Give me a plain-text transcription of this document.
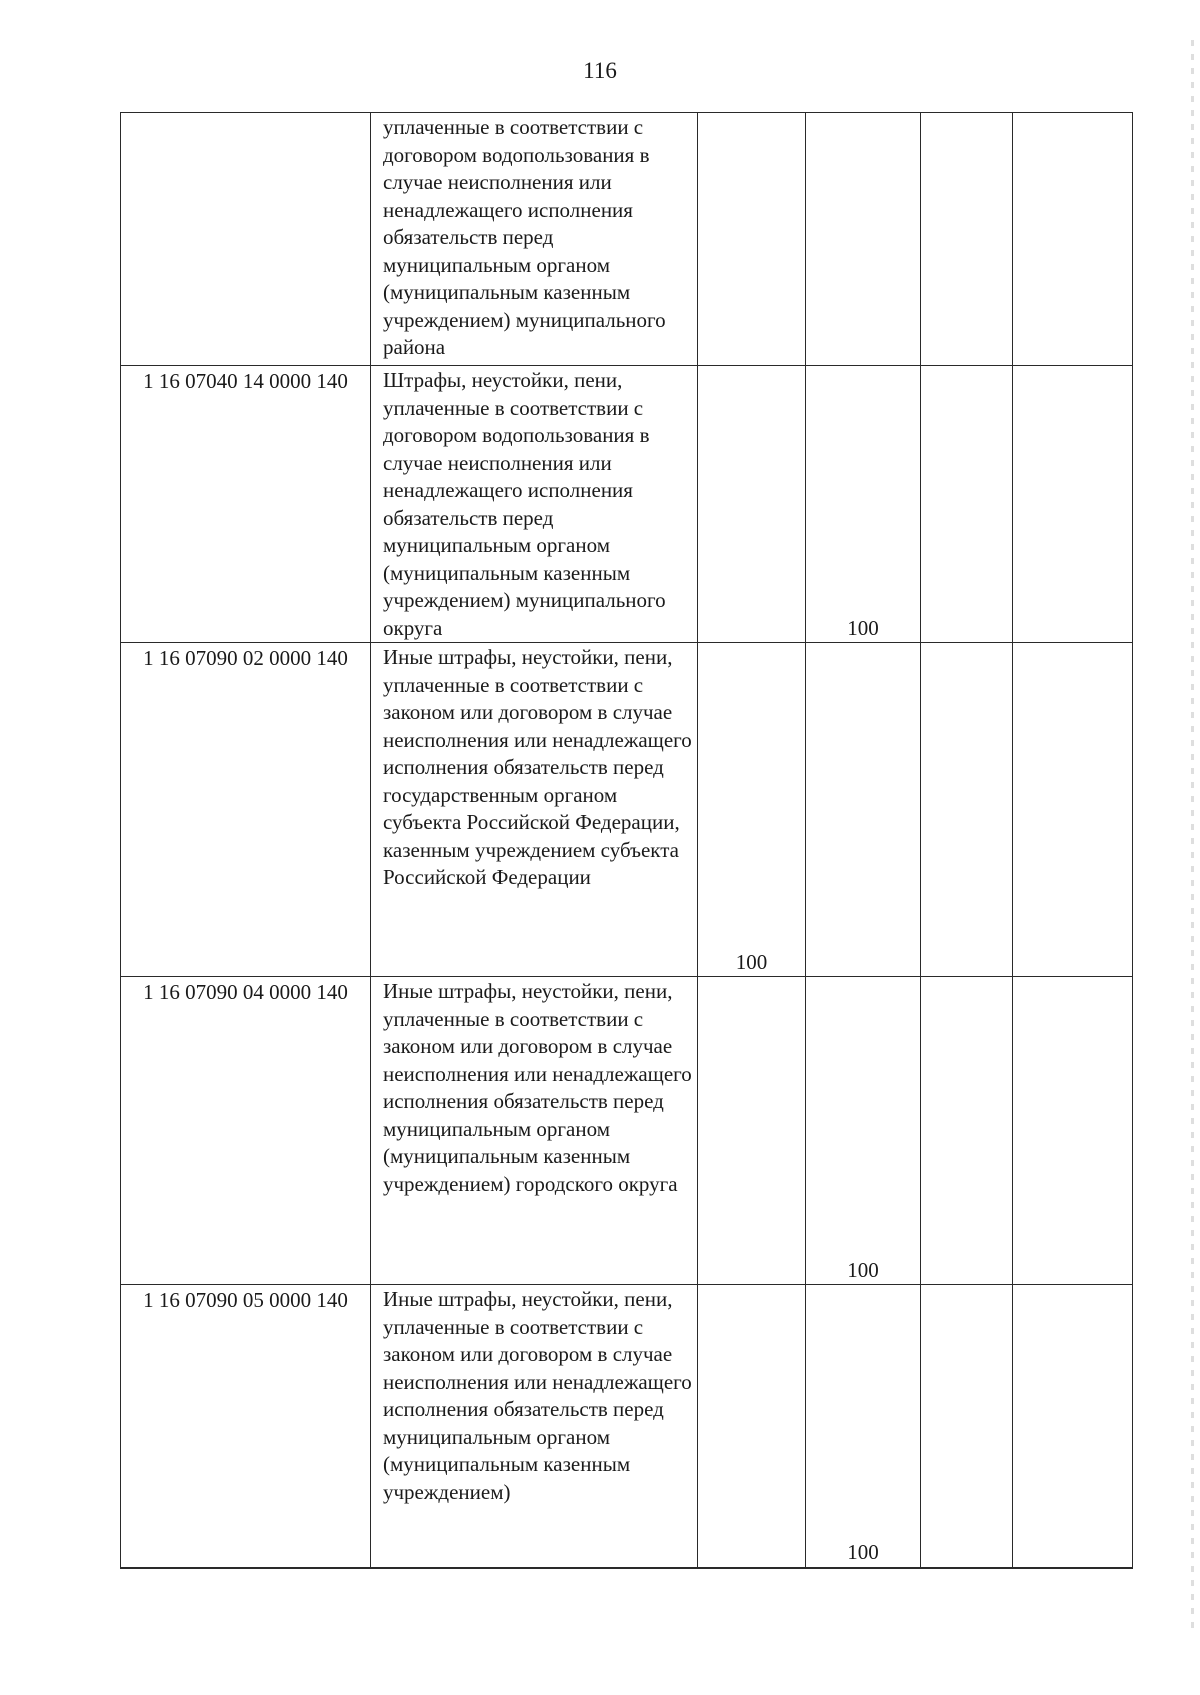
116
	уплаченные в соответствии с договором водопользования в случае неисполнения или ненадлежащего исполнения обязательств перед муниципальным органом (муниципальным казенным учреждением) муниципального района				
1 16 07040 14 0000 140	Штрафы, неустойки, пени, уплаченные в соответствии с договором водопользования в случае неисполнения или ненадлежащего исполнения обязательств перед муниципальным органом (муниципальным казенным учреждением) муниципального округа		100		
1 16 07090 02 0000 140	Иные штрафы, неустойки, пени, уплаченные в соответствии с законом или договором в случае неисполнения или ненадлежащего исполнения обязательств перед государственным органом субъекта Российской Федерации, казенным учреждением субъекта Российской Федерации	100			
1 16 07090 04 0000 140	Иные штрафы, неустойки, пени, уплаченные в соответствии с законом или договором в случае неисполнения или ненадлежащего исполнения обязательств перед муниципальным органом (муниципальным казенным учреждением) городского округа		100		
1 16 07090 05 0000 140	Иные штрафы, неустойки, пени, уплаченные в соответствии с законом или договором в случае неисполнения или ненадлежащего исполнения обязательств перед муниципальным органом (муниципальным казенным учреждением)		100		
